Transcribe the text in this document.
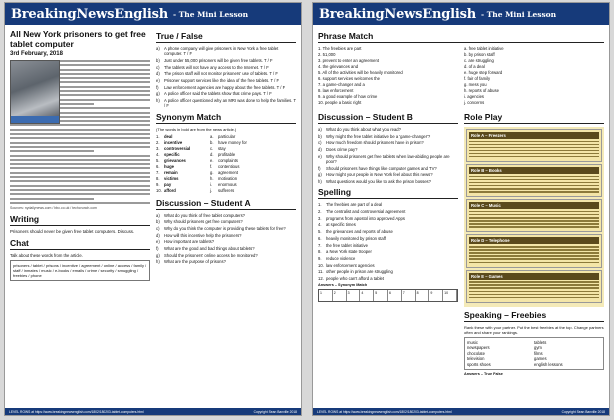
BreakingNewsEnglish - The Mini Lesson
All New York prisoners to get free tablet computer
3rd February, 2018
Sources: nydailynews.com / bbc.co.uk / techcrunch.com
Writing
Prisoners should never be given free tablet computers. Discuss.
Chat
Talk about these words from the article.
prisoners / tablet / prisons / incentive / agreement / online / access / family / staff / inmates / music / e-books / emails / crime / security / smuggling / freebies / phone
True / False
a)	A phone company will give prisoners in New York a free tablet computer. T / F
b)	Just under 55,000 prisoners will be given free tablets. T / F
c)	The tablets will not have any access to the Internet. T / F
d)	The prison staff will not monitor prisoners' use of tablets. T / F
e)	Prisoner support services like the idea of the free tablets. T / F
f)	Law enforcement agencies are happy about the free tablets. T / F
g)	A police officer said the tablets show that crime pays. T / F
h)	A police officer questioned why an MRI was done to help the families. T / F
Synonym Match
(The words in bold are from the news article.)
1.	deal	a.	particular
2.	incentive	b.	have money for
3.	controversial	c.	stay
4.	specific	d.	profitable
5.	grievances	e.	complaints
6.	huge	f.	contentious
7.	remain	g.	agreement
8.	victims	h.	motivation
9.	pay	i.	enormous
10. afford	j.	sufferers
Discussion – Student A
a)	What do you think of free tablet computers?
b)	Why should prisoners get free computers?
c)	Why do you think the computer is providing these tablets for free?
d)	How will this incentive help the prisoners?
e)	How important are tablets?
f)	What are the good and bad things about tablets?
g)	Should the prisoners' online access be monitored?
h)	What are the purpose of prisons?
LEVEL ROWS at https://www.breakingnewsenglish.com/1802/180203-tablet-computers.html	Copyright Sean Banville 2018
BreakingNewsEnglish - The Mini Lesson
Phrase Match
1. The freebies are part
2. 51,000
3. prevent to enter an agreement
4. the grievances and
5. All of the activities will be heavily monitored
6. support services welcomes the
7. a game-changer and a
8. law enforcement
9. a good example of how crime
10. people a basic right
a. free tablet initiative
b. by prison staff
c. are struggling
d. of a deal
e. huge step forward
f. fair of family
g. mess you
h. reports of abuse
i. agencies
j. concerns
Discussion – Student B
a)	What do you think about what you read?
b)	Why might the free tablet initiative be a 'game-changer'?
c)	How much freedom should prisoners have in prison?
d)	Does crime pay?
e)	Why should prisoners get free tablets when law-abiding people are poor?
f)	Should prisoners have things like computer games and TV?
g)	How might your people in New York feel about this news?
h)	What questions would you like to ask the prison bosses?
Spelling
1.	The freebies are part of a deal
2.	The centralist and controversial agreement
3.	programs from apostol into approved Apps
4.	at specific times
5.	the grievances and reports of abuse
6.	heavily monitored by prison staff
7.	the free tablet initiative
8.	a New York state trooper
9.	reduce violence
10. law enforcement agencies
11. other people in prison are struggling
12. people who can't afford a tablet
Answers – Synonym Match
1	2	3	4	5	6	7	8	9	10
Role Play
Role A – Freezers
Role B – Books
Role C – Music
Role D – Telephone
Role E – Games
Speaking – Freebies
Rank these with your partner. Put the best freebies at the top. Change partners often and share your rankings.
music	tablets
newspapers	gym
chocolate	films
television	games
sports shoes	english lessons
Answers – True False
LEVEL ROWS at https://www.breakingnewsenglish.com/1802/180203-tablet-computers.html	Copyright Sean Banville 2018
